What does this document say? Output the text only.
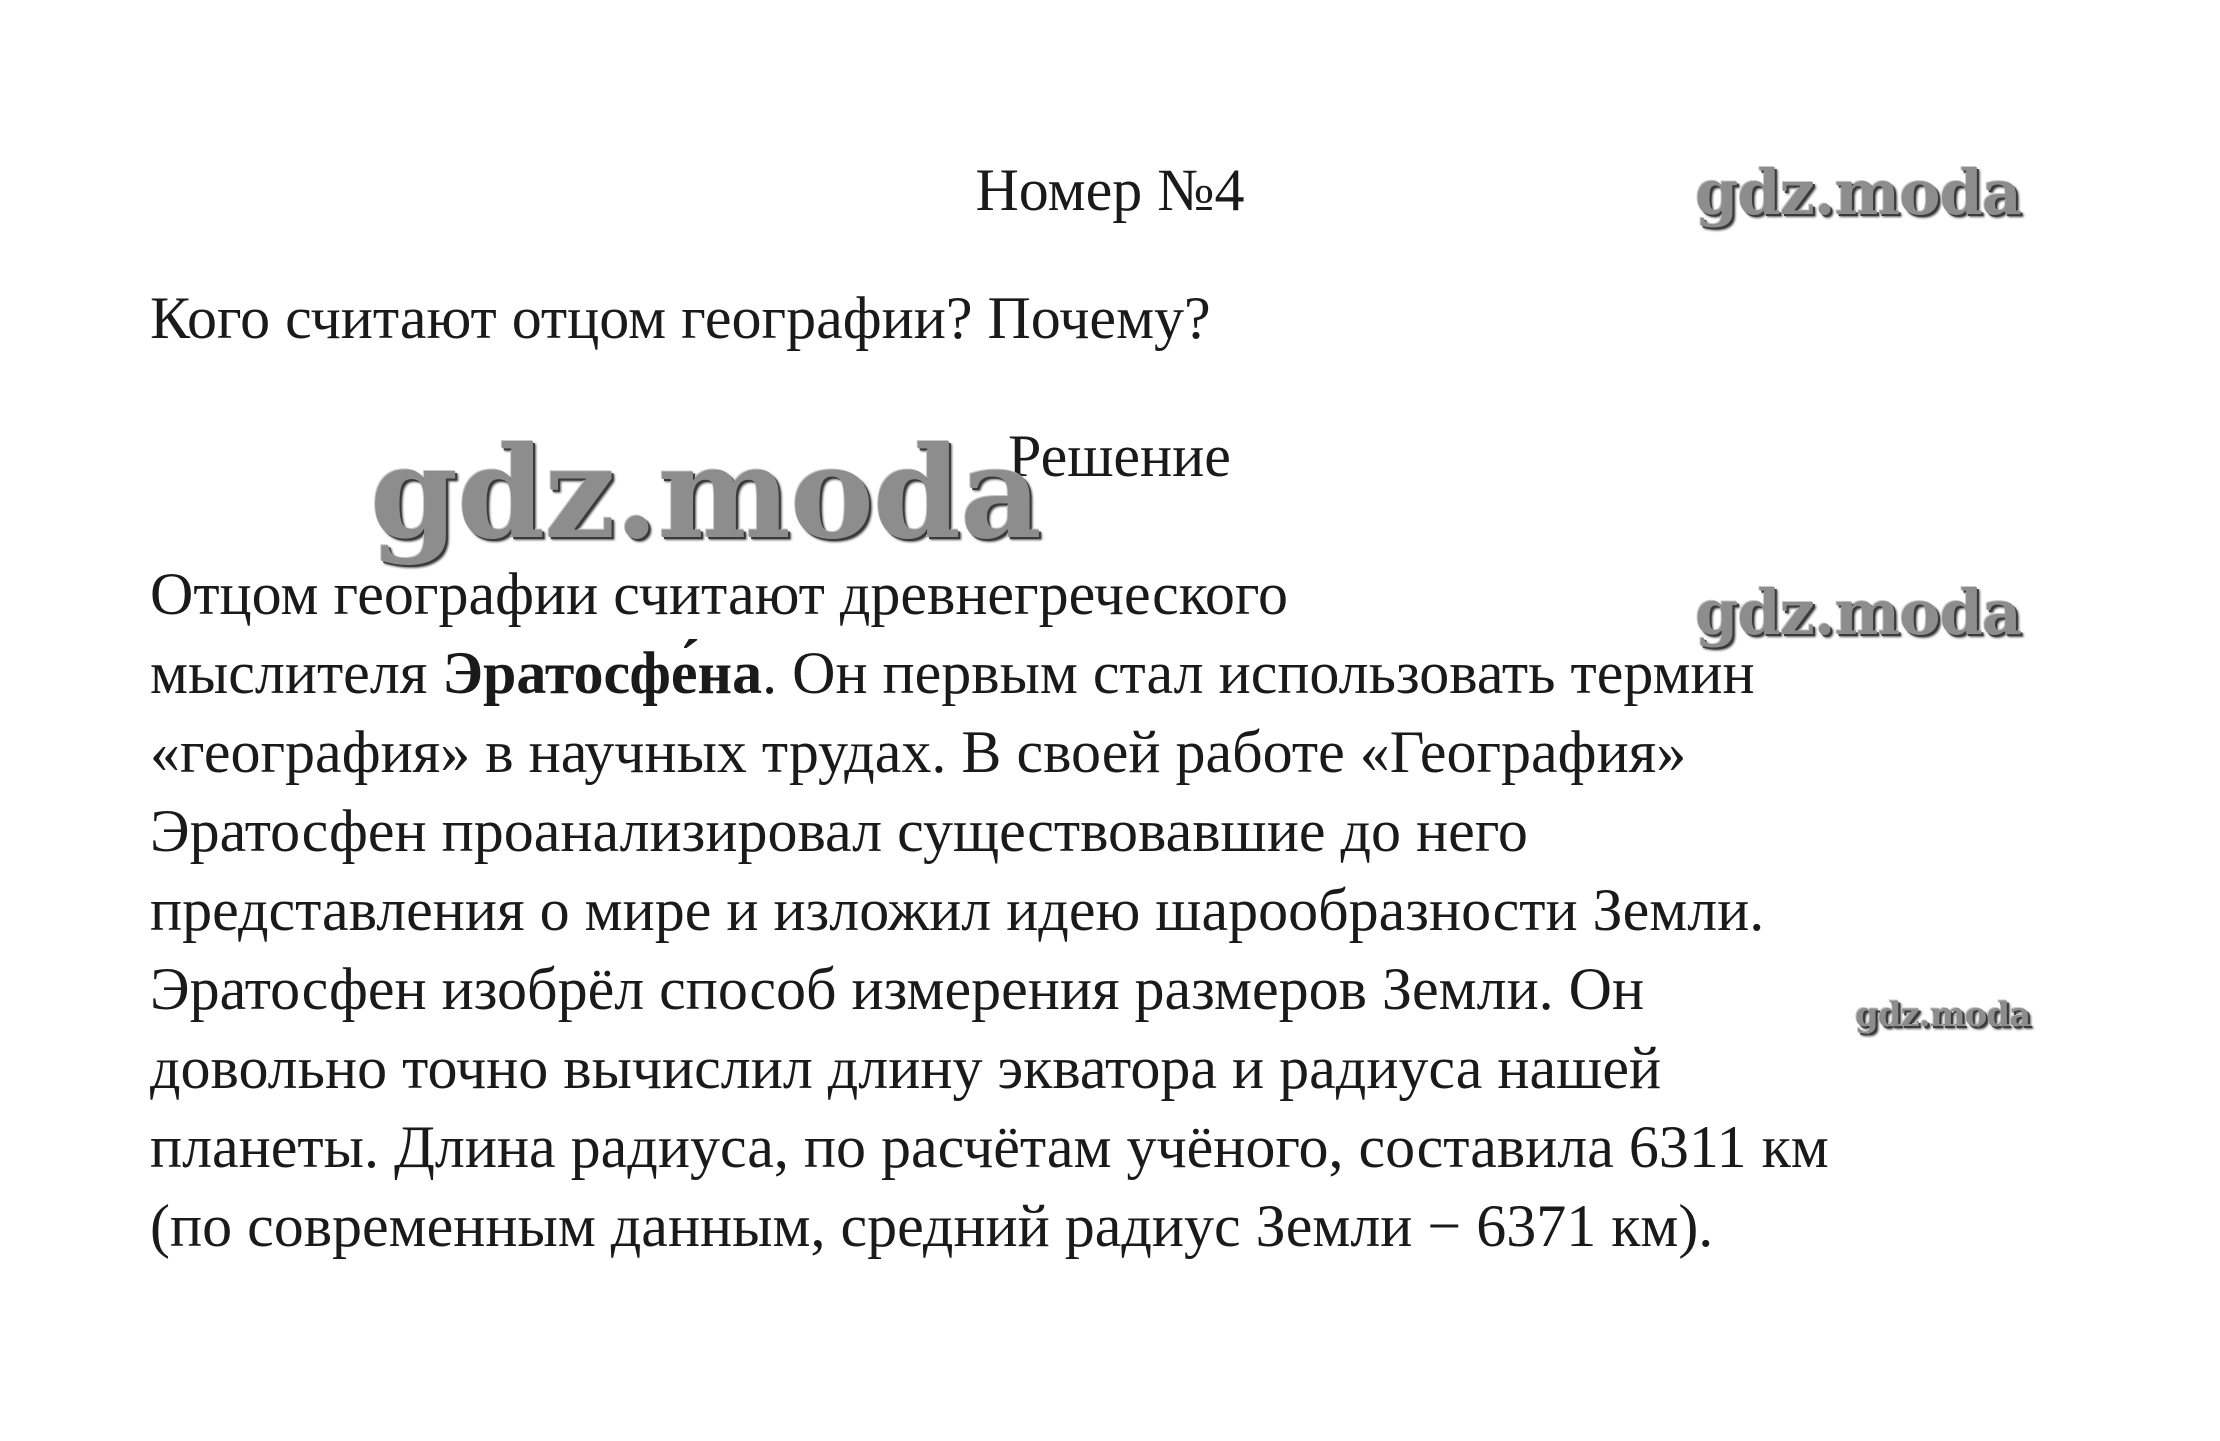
Номер №4
Кого считают отцом географии? Почему?
Решение
Отцом географии считают древнегреческого
мыслителя Эратосфе́на. Он первым стал использовать термин
«география» в научных трудах. В своей работе «География»
Эратосфен проанализировал существовавшие до него
представления о мире и изложил идею шарообразности Земли.
Эратосфен изобрёл способ измерения размеров Земли. Он
довольно точно вычислил длину экватора и радиуса нашей
планеты. Длина радиуса, по расчётам учёного, составила 6311 км
(по современным данным, средний радиус Земли − 6371 км).
gdz.moda
gdz.moda
gdz.moda
gdz.moda
